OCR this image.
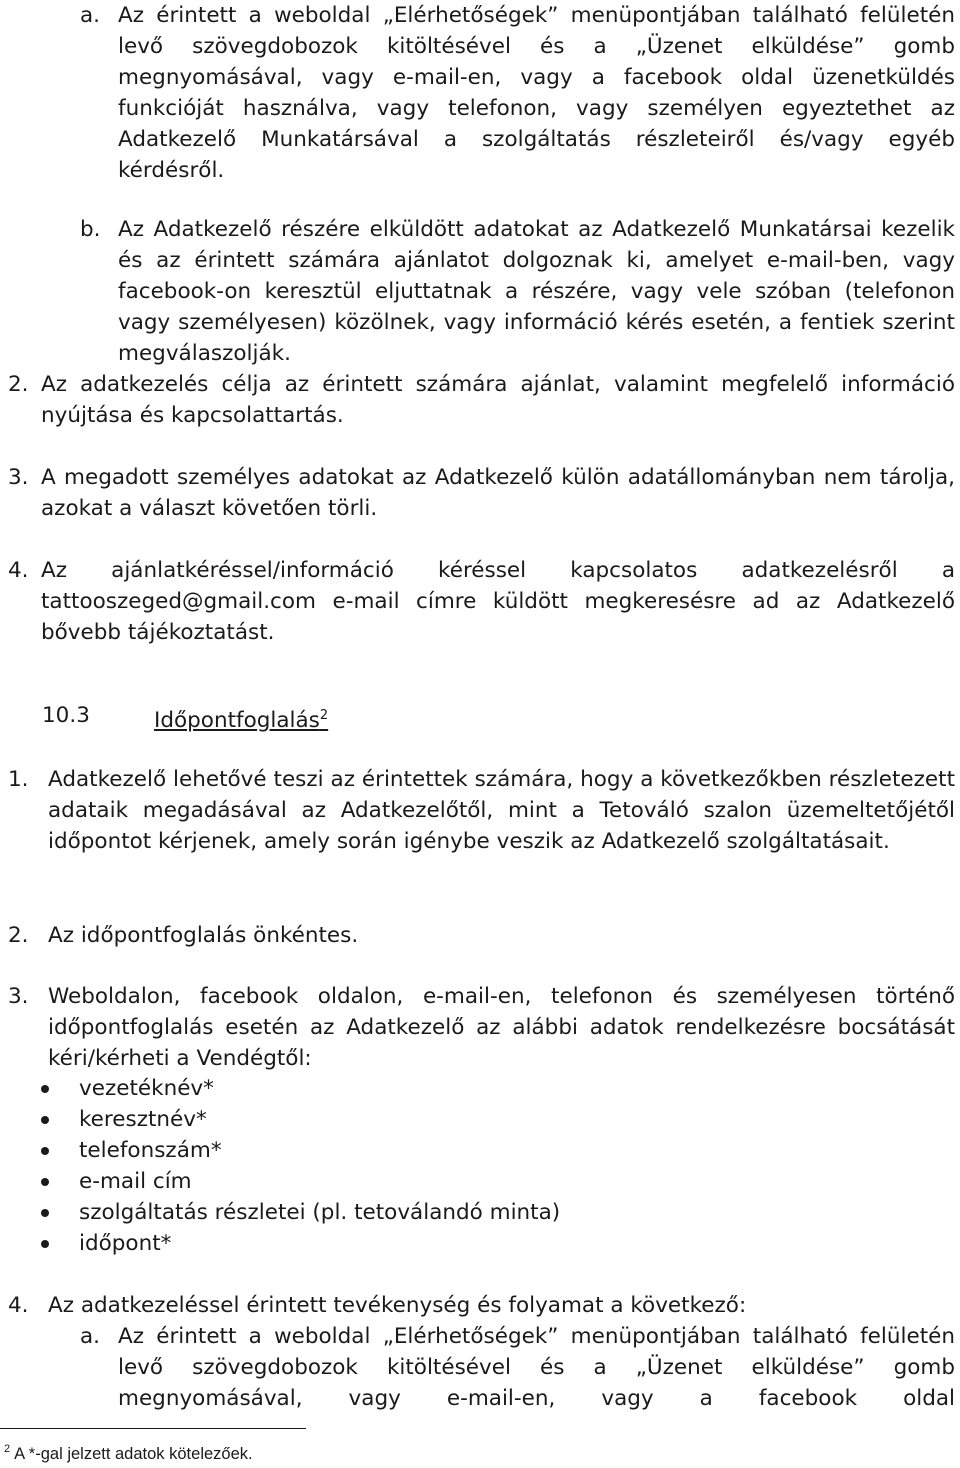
a. Az érintett a weboldal „Elérhetőségek” menüpontjában található felületén levő szövegdobozok kitöltésével és a „Üzenet elküldése” gomb megnyomásával, vagy e-mail-en, vagy a facebook oldal üzenetküldés funkcióját használva, vagy telefonon, vagy személyen egyeztethet az Adatkezelő Munkatársával a szolgáltatás részleteiről és/vagy egyéb kérdésről.

b. Az Adatkezelő részére elküldött adatokat az Adatkezelő Munkatársai kezelik és az érintett számára ajánlatot dolgoznak ki, amelyet e-mail-ben, vagy facebook-on keresztül eljuttatnak a részére, vagy vele szóban (telefonon vagy személyesen) közölnek, vagy információ kérés esetén, a fentiek szerint megválaszolják.

2. Az adatkezelés célja az érintett számára ajánlat, valamint megfelelő információ nyújtása és kapcsolattartás.

3. A megadott személyes adatokat az Adatkezelő külön adatállományban nem tárolja, azokat a választ követően törli.

4. Az ajánlatkéréssel/információ kéréssel kapcsolatos adatkezelésről a tattooszeged@gmail.com e-mail címre küldött megkeresésre ad az Adatkezelő bővebb tájékoztatást.

10.3	Időpontfoglalás$^2$
1. Adatkezelő lehetővé teszi az érintettek számára, hogy a következőkben részletezett adataik megadásával az Adatkezelőtől, mint a Tetováló szalon üzemeltetőjétől időpontot kérjenek, amely során igénybe veszik az Adatkezelő szolgáltatásait.

2. Az időpontfoglalás önkéntes.

3. Weboldalon, facebook oldalon, e-mail-en, telefonon és személyesen történő időpontfoglalás esetén az Adatkezelő az alábbi adatok rendelkezésre bocsátását kéri/kérheti a Vendégtől:

vezetéknév*
keresztnév*
telefonszám*
e-mail cím
szolgáltatás részletei (pl. tetoválandó minta)
időpont*
4. Az adatkezeléssel érintett tevékenység és folyamat a következő:

a. Az érintett a weboldal „Elérhetőségek” menüpontjában található felületén levő szövegdobozok kitöltésével és a „Üzenet elküldése” gomb megnyomásával, vagy e-mail-en, vagy a facebook oldal

$^2$ A *-gal jelzett adatok kötelezőek.
